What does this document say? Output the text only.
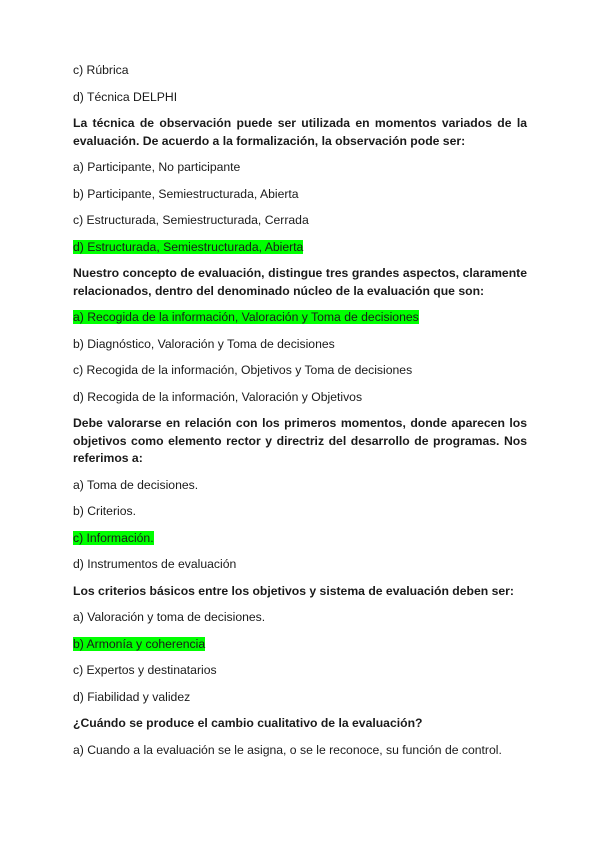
c) Rúbrica

d) Técnica DELPHI

La técnica de observación puede ser utilizada en momentos variados de la evaluación. De acuerdo a la formalización, la observación pode ser:

a) Participante, No participante

b) Participante, Semiestructurada, Abierta

c) Estructurada, Semiestructurada, Cerrada

d) Estructurada, Semiestructurada, Abierta

Nuestro concepto de evaluación, distingue tres grandes aspectos, claramente relacionados, dentro del denominado núcleo de la evaluación que son:

a) Recogida de la información, Valoración y Toma de decisiones

b) Diagnóstico, Valoración y Toma de decisiones

c) Recogida de la información, Objetivos y Toma de decisiones

d) Recogida de la información, Valoración y Objetivos

Debe valorarse en relación con los primeros momentos, donde aparecen los objetivos como elemento rector y directriz del desarrollo de programas. Nos referimos a:

a) Toma de decisiones.

b) Criterios.

c) Información.

d) Instrumentos de evaluación

Los criterios básicos entre los objetivos y sistema de evaluación deben ser:

a) Valoración y toma de decisiones.

b) Armonía y coherencia

c) Expertos y destinatarios

d) Fiabilidad y validez

¿Cuándo se produce el cambio cualitativo de la evaluación?

a) Cuando a la evaluación se le asigna, o se le reconoce, su función de control.
